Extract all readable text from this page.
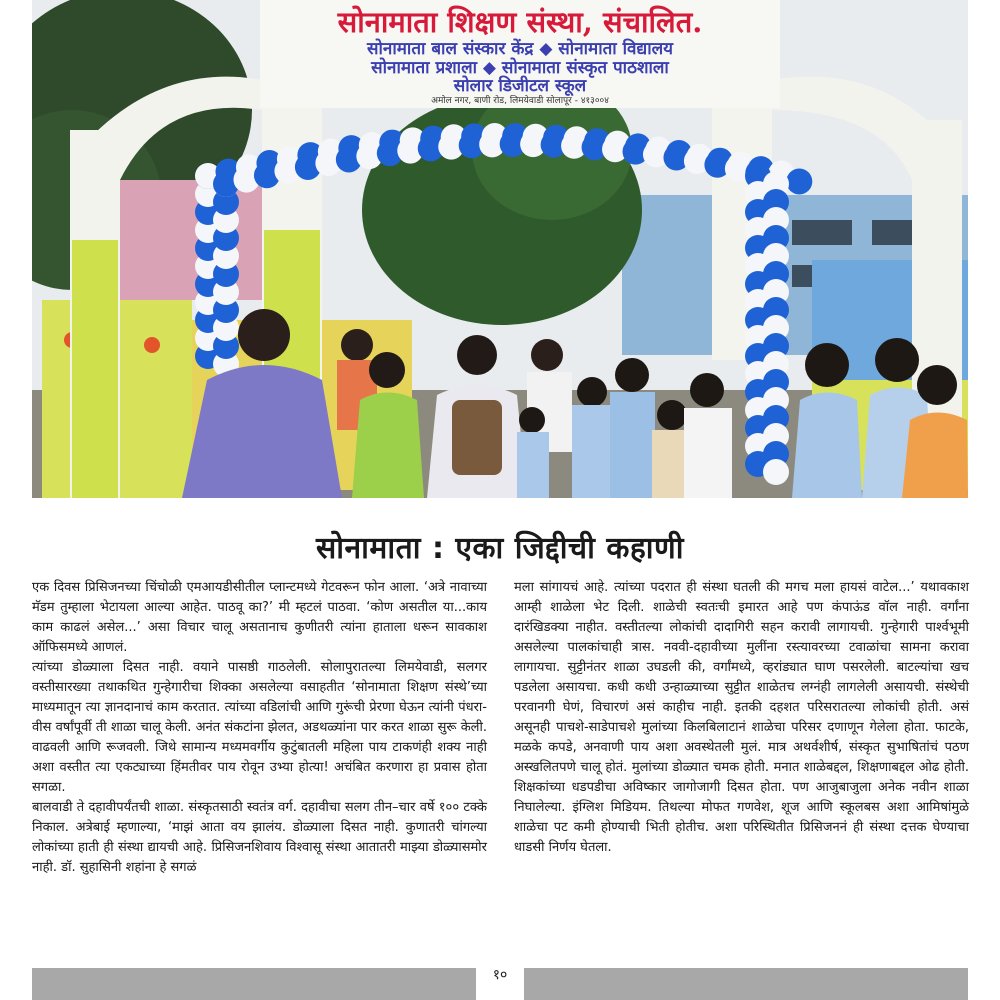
सोनामाता शिक्षण संस्था, संचालित.
सोनामाता बाल संस्कार केंद्र ◆ सोनामाता विद्यालय
सोनामाता प्रशाला ◆ सोनामाता संस्कृत पाठशाला
सोलार डिजीटल स्कूल
अमोल नगर, बाणी रोड, लिमयेवाडी सोलापूर - ४१३००४
सोनामाता : एका जिद्दीची कहाणी

एक दिवस प्रिसिजनच्या चिंचोळी एमआयडीसीतील प्लान्टमध्ये गेटवरून फोन आला. ‘अत्रे नावाच्या मॅडम तुम्हाला भेटायला आल्या आहेत. पाठवू का?’ मी म्हटलं पाठवा. ‘कोण असतील या...काय काम काढलं असेल...’ असा विचार चालू असतानाच कुणीतरी त्यांना हाताला धरून सावकाश ऑफिसमध्ये आणलं.

त्यांच्या डोळ्याला दिसत नाही. वयाने पासष्ठी गाठलेली. सोलापुरातल्या लिमयेवाडी, सलगर वस्तीसारख्या तथाकथित गुन्हेगारीचा शिक्का असलेल्या वसाहतीत ‘सोनामाता शिक्षण संस्थे’च्या माध्यमातून त्या ज्ञानदानाचं काम करतात. त्यांच्या वडिलांची आणि गुरूंची प्रेरणा घेऊन त्यांनी पंधरा-वीस वर्षांपूर्वी ती शाळा चालू केली. अनंत संकटांना झेलत, अडथळ्यांना पार करत शाळा सुरू केली. वाढवली आणि रूजवली. जिथे सामान्य मध्यमवर्गीय कुटुंबातली महिला पाय टाकणंही शक्य नाही अशा वस्तीत त्या एकट्याच्या हिंमतीवर पाय रोवून उभ्या होत्या! अचंबित करणारा हा प्रवास होता सगळा.

बालवाडी ते दहावीपर्यंतची शाळा. संस्कृतसाठी स्वतंत्र वर्ग. दहावीचा सलग तीन–चार वर्षे १०० टक्के निकाल. अत्रेबाई म्हणाल्या, ‘माझं आता वय झालंय. डोळ्याला दिसत नाही. कुणातरी चांगल्या लोकांच्या हाती ही संस्था द्यायची आहे. प्रिसिजनशिवाय विश्वासू संस्था आतातरी माझ्या डोळ्यासमोर नाही. डॉ. सुहासिनी शहांना हे सगळं

मला सांगायचं आहे. त्यांच्या पदरात ही संस्था घतली की मगच मला हायसं वाटेल...’ यथावकाश आम्ही शाळेला भेट दिली. शाळेची स्वतःची इमारत आहे पण कंपाऊंड वॉल नाही. वर्गांना दारंखिडक्या नाहीत. वस्तीतल्या लोकांची दादागिरी सहन करावी लागायची. गुन्हेगारी पार्श्वभूमी असलेल्या पालकांचाही त्रास. नववी-दहावीच्या मुलींना रस्त्यावरच्या टवाळांचा सामना करावा लागायचा. सुट्टीनंतर शाळा उघडली की, वर्गांमध्ये, व्हरांड्यात घाण पसरलेली. बाटल्यांचा खच पडलेला असायचा. कधी कधी उन्हाळ्याच्या सुट्टीत शाळेतच लग्नंही लागलेली असायची. संस्थेची परवानगी घेणं, विचारणं असं काहीच नाही. इतकी दहशत परिसरातल्या लोकांची होती. असं असूनही पाचशे-साडेपाचशे मुलांच्या किलबिलाटानं शाळेचा परिसर दणाणून गेलेला होता. फाटके, मळके कपडे, अनवाणी पाय अशा अवस्थेतली मुलं. मात्र अथर्वशीर्ष, संस्कृत सुभाषितांचं पठण अस्खलितपणे चालू होतं. मुलांच्या डोळ्यात चमक होती. मनात शाळेबद्दल, शिक्षणाबद्दल ओढ होती. शिक्षकांच्या धडपडीचा अविष्कार जागोजागी दिसत होता. पण आजुबाजुला अनेक नवीन शाळा निघालेल्या. इंग्लिश मिडियम. तिथल्या मोफत गणवेश, शूज आणि स्कूलबस अशा आमिषांमुळे शाळेचा पट कमी होण्याची भिती होतीच. अशा परिस्थितीत प्रिसिजननं ही संस्था दत्तक घेण्याचा धाडसी निर्णय घेतला.

१०
